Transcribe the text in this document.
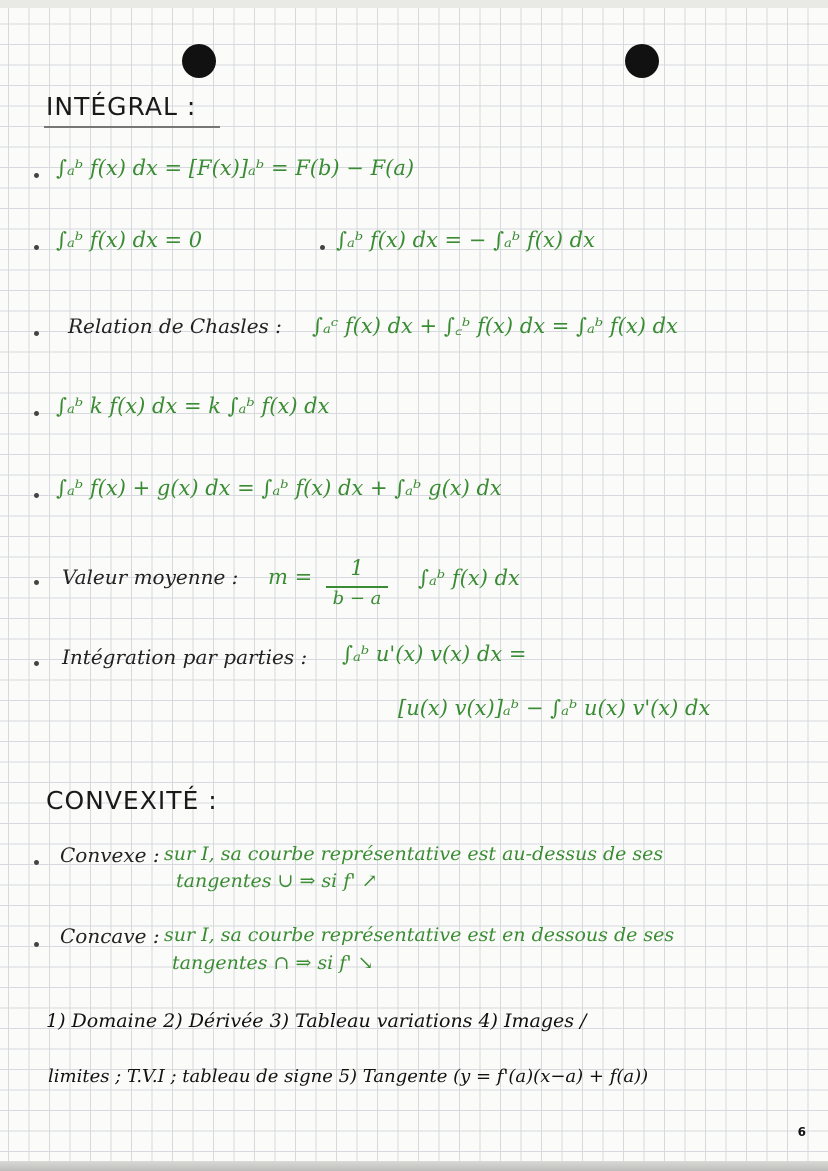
INTÉGRAL :
∫ₐᵇ f(x) dx = [F(x)]ₐᵇ = F(b) − F(a)
∫ₐᵇ f(x) dx = 0	∫ₐᵇ f(x) dx = − ∫ₐᵇ f(x) dx
Relation de Chasles : ∫ₐᶜ f(x) dx + ∫꜀ᵇ f(x) dx = ∫ₐᵇ f(x) dx
∫ₐᵇ k f(x) dx = k ∫ₐᵇ f(x) dx
∫ₐᵇ f(x) + g(x) dx = ∫ₐᵇ f(x) dx + ∫ₐᵇ g(x) dx
Valeur moyenne : m =	1
b − a
∫ₐᵇ f(x) dx
Intégration par parties : ∫ₐᵇ u'(x) v(x) dx =
[u(x) v(x)]ₐᵇ − ∫ₐᵇ u(x) v'(x) dx
CONVEXITÉ :
Convexe : sur I, sa courbe représentative est au-dessus de ses
tangentes ∪ ⇒ si f' ↗
Concave : sur I, sa courbe représentative est en dessous de ses
tangentes ∩ ⇒ si f' ↘
1) Domaine 2) Dérivée 3) Tableau variations 4) Images /
limites ; T.V.I ; tableau de signe 5) Tangente (y = f'(a)(x−a) + f(a))
6
